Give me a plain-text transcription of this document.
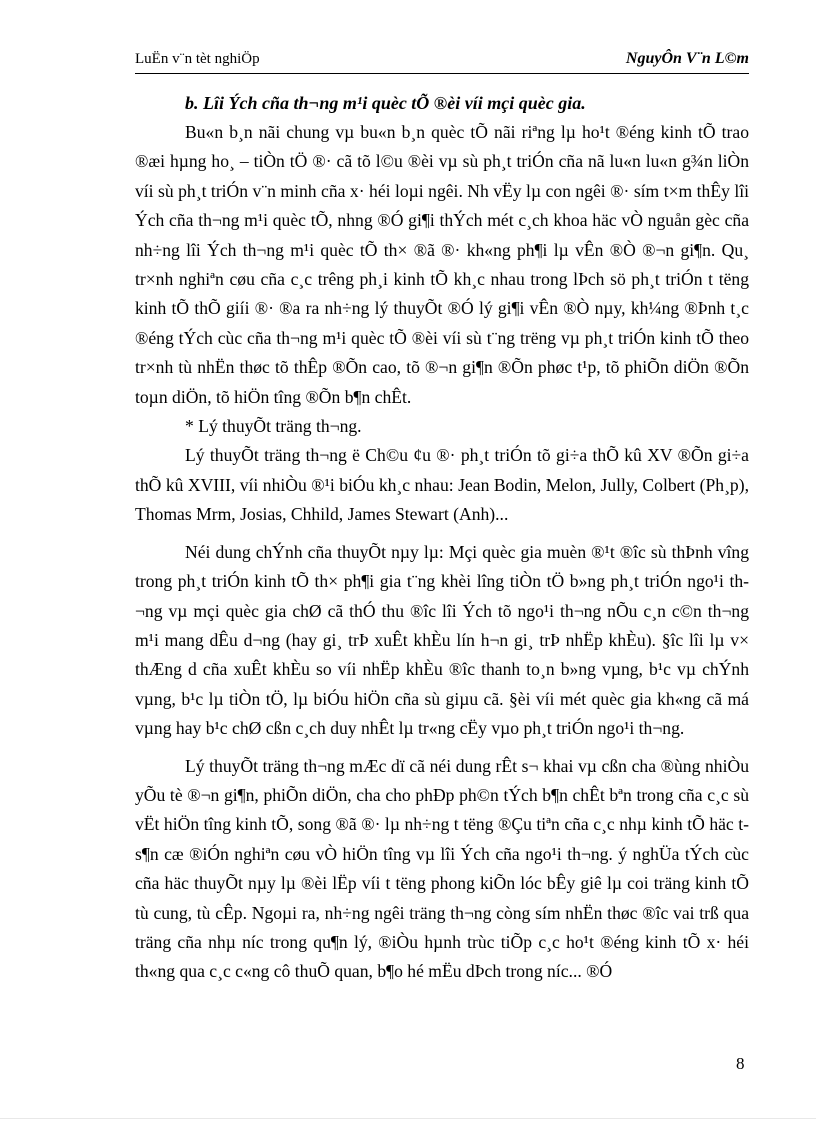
LuËn v¨n tèt nghiÖp	NguyÔn V¨n L©m

b. Lîi Ých cña th¬ng m¹i quèc tÕ ®èi víi mçi quèc gia.

Bu«n b¸n nãi chung vµ bu«n b¸n quèc tÕ nãi riªng lµ ho¹t ®éng kinh tÕ trao ®æi hµng ho¸ – tiÒn tÖ ®· cã tõ l©u ®èi vµ sù ph¸t triÓn cña nã lu«n lu«n g¾n liÒn víi sù ph¸t triÓn v¨n minh cña x· héi loµi ngêi. Nh vËy lµ con ngêi ®· sím t×m thÊy lîi Ých cña th¬ng m¹i quèc tÕ, nhng ®Ó gi¶i thÝch mét c¸ch khoa häc vÒ nguån gèc cña nh÷ng lîi Ých th¬ng m¹i quèc tÕ th× ®ã ®· kh«ng ph¶i lµ vÊn ®Ò ®¬n gi¶n. Qu¸ tr×nh nghiªn cøu cña c¸c trêng ph¸i kinh tÕ kh¸c nhau trong lÞch sö ph¸t triÓn t tëng kinh tÕ thÕ giíi ®· ®a ra nh÷ng lý thuyÕt ®Ó lý gi¶i vÊn ®Ò nµy, kh¼ng ®Þnh t¸c ®éng tÝch cùc cña th¬ng m¹i quèc tÕ ®èi víi sù t¨ng trëng vµ ph¸t triÓn kinh tÕ theo tr×nh tù nhËn thøc tõ thÊp ®Õn cao, tõ ®¬n gi¶n ®Õn phøc t¹p, tõ phiÕn diÖn ®Õn toµn diÖn, tõ hiÖn tîng ®Õn b¶n chÊt.

* Lý thuyÕt träng th¬ng.

Lý thuyÕt träng th¬ng ë Ch©u ¢u ®· ph¸t triÓn tõ gi÷a thÕ kû XV ®Õn gi÷a thÕ kû XVIII, víi nhiÒu ®¹i biÓu kh¸c nhau: Jean Bodin, Melon, Jully, Colbert (Ph¸p), Thomas Mrm, Josias, Chhild, James Stewart (Anh)...

Néi dung chÝnh cña thuyÕt nµy lµ: Mçi quèc gia muèn ®¹t ®îc sù thÞnh vîng trong ph¸t triÓn kinh tÕ th× ph¶i gia t¨ng khèi lîng tiÒn tÖ b»ng ph¸t triÓn ngo¹i th¬ng vµ mçi quèc gia chØ cã thÓ thu ®îc lîi Ých tõ ngo¹i th¬ng nÕu c¸n c©n th¬ng m¹i mang dÊu d¬ng (hay gi¸ trÞ xuÊt khÈu lín h¬n gi¸ trÞ nhËp khÈu). §îc lîi lµ v× thÆng d cña xuÊt khÈu so víi nhËp khÈu ®îc thanh to¸n b»ng vµng, b¹c vµ chÝnh vµng, b¹c lµ tiÒn tÖ, lµ biÓu hiÖn cña sù giµu cã. §èi víi mét quèc gia kh«ng cã má vµng hay b¹c chØ cßn c¸ch duy nhÊt lµ tr«ng cËy vµo ph¸t triÓn ngo¹i th¬ng.

Lý thuyÕt träng th¬ng mÆc dï cã néi dung rÊt s¬ khai vµ cßn cha ®ùng nhiÒu yÕu tè ®¬n gi¶n, phiÕn diÖn, cha cho phÐp ph©n tÝch b¶n chÊt bªn trong cña c¸c sù vËt hiÖn tîng kinh tÕ, song ®ã ®· lµ nh÷ng t tëng ®Çu tiªn cña c¸c nhµ kinh tÕ häc t s¶n cæ ®iÓn nghiªn cøu vÒ hiÖn tîng vµ lîi Ých cña ngo¹i th¬ng. ý nghÜa tÝch cùc cña häc thuyÕt nµy lµ ®èi lËp víi t tëng phong kiÕn lóc bÊy giê lµ coi träng kinh tÕ tù cung, tù cÊp. Ngoµi ra, nh÷ng ngêi träng th¬ng còng sím nhËn thøc ®îc vai trß qua träng cña nhµ níc trong qu¶n lý, ®iÒu hµnh trùc tiÕp c¸c ho¹t ®éng kinh tÕ x· héi th«ng qua c¸c c«ng cô thuÕ quan, b¶o hé mËu dÞch trong níc... ®Ó

8
